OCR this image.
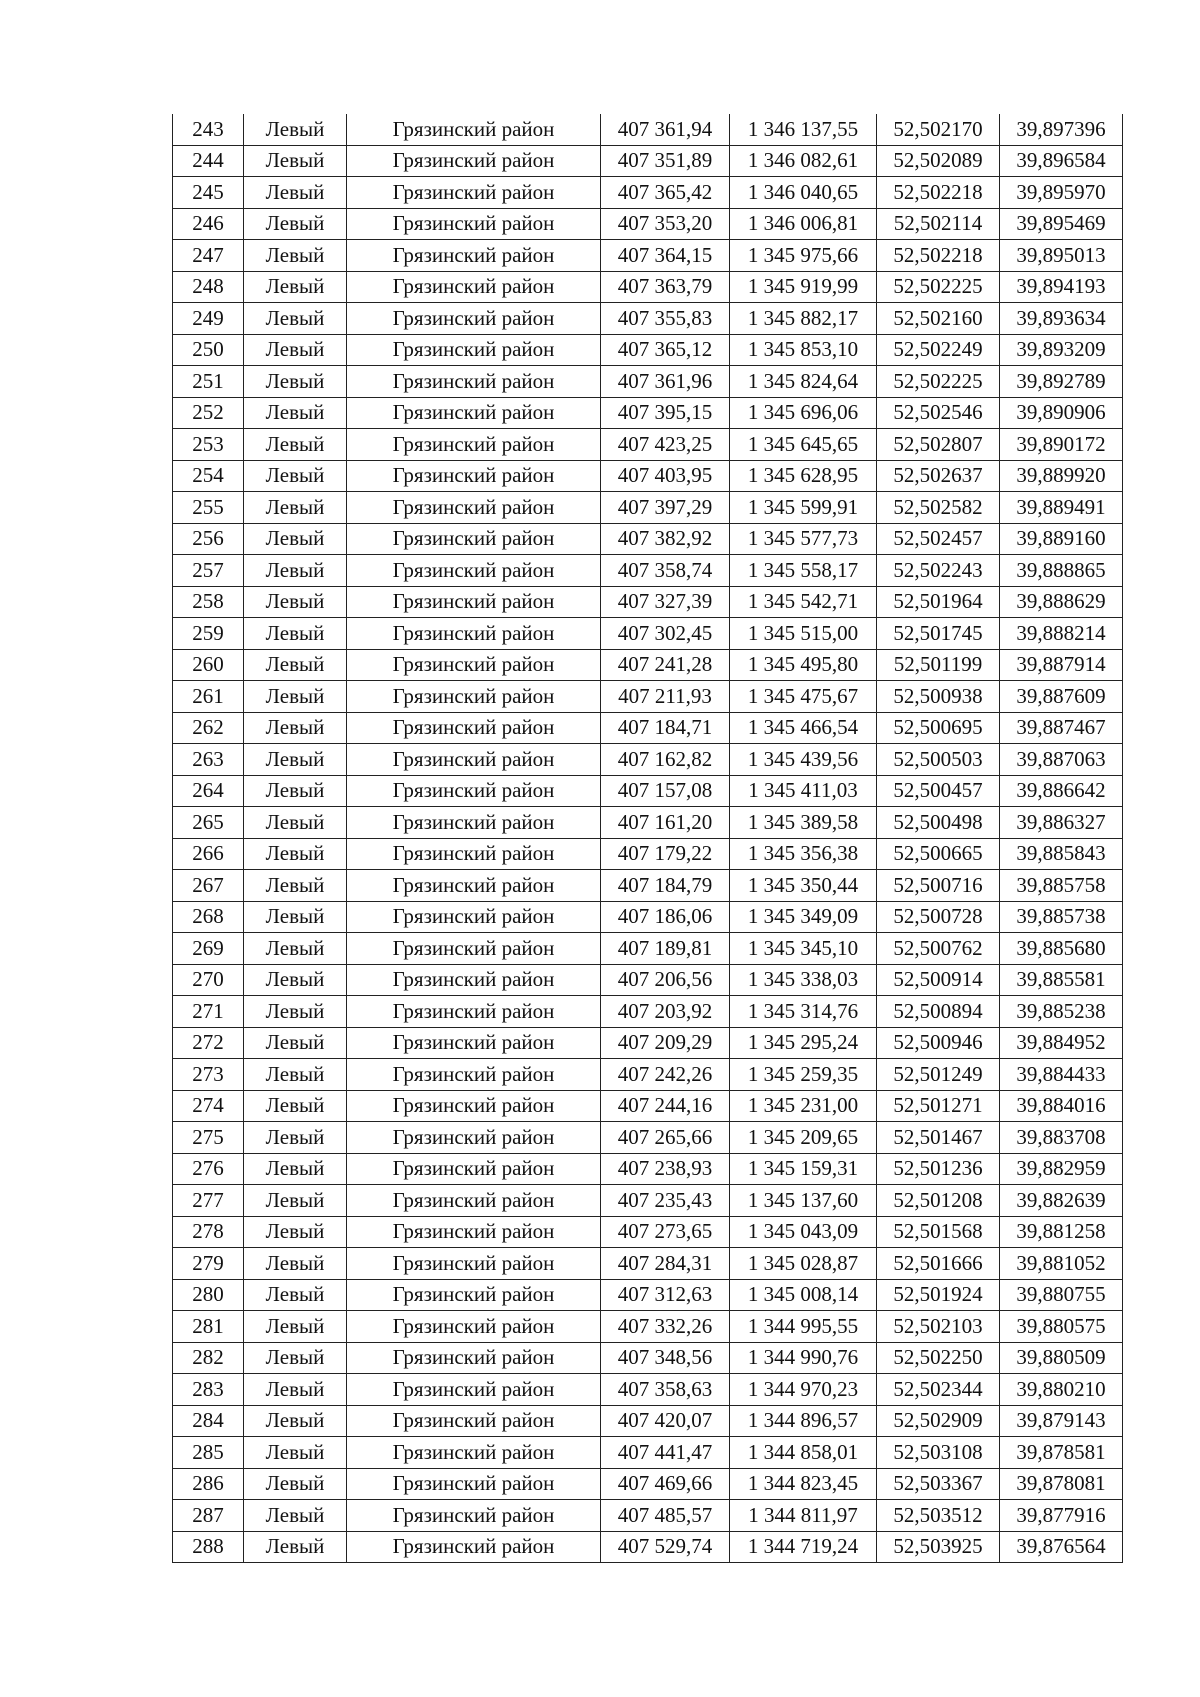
243	Левый	Грязинский район	407 361,94	1 346 137,55	52,502170	39,897396
244	Левый	Грязинский район	407 351,89	1 346 082,61	52,502089	39,896584
245	Левый	Грязинский район	407 365,42	1 346 040,65	52,502218	39,895970
246	Левый	Грязинский район	407 353,20	1 346 006,81	52,502114	39,895469
247	Левый	Грязинский район	407 364,15	1 345 975,66	52,502218	39,895013
248	Левый	Грязинский район	407 363,79	1 345 919,99	52,502225	39,894193
249	Левый	Грязинский район	407 355,83	1 345 882,17	52,502160	39,893634
250	Левый	Грязинский район	407 365,12	1 345 853,10	52,502249	39,893209
251	Левый	Грязинский район	407 361,96	1 345 824,64	52,502225	39,892789
252	Левый	Грязинский район	407 395,15	1 345 696,06	52,502546	39,890906
253	Левый	Грязинский район	407 423,25	1 345 645,65	52,502807	39,890172
254	Левый	Грязинский район	407 403,95	1 345 628,95	52,502637	39,889920
255	Левый	Грязинский район	407 397,29	1 345 599,91	52,502582	39,889491
256	Левый	Грязинский район	407 382,92	1 345 577,73	52,502457	39,889160
257	Левый	Грязинский район	407 358,74	1 345 558,17	52,502243	39,888865
258	Левый	Грязинский район	407 327,39	1 345 542,71	52,501964	39,888629
259	Левый	Грязинский район	407 302,45	1 345 515,00	52,501745	39,888214
260	Левый	Грязинский район	407 241,28	1 345 495,80	52,501199	39,887914
261	Левый	Грязинский район	407 211,93	1 345 475,67	52,500938	39,887609
262	Левый	Грязинский район	407 184,71	1 345 466,54	52,500695	39,887467
263	Левый	Грязинский район	407 162,82	1 345 439,56	52,500503	39,887063
264	Левый	Грязинский район	407 157,08	1 345 411,03	52,500457	39,886642
265	Левый	Грязинский район	407 161,20	1 345 389,58	52,500498	39,886327
266	Левый	Грязинский район	407 179,22	1 345 356,38	52,500665	39,885843
267	Левый	Грязинский район	407 184,79	1 345 350,44	52,500716	39,885758
268	Левый	Грязинский район	407 186,06	1 345 349,09	52,500728	39,885738
269	Левый	Грязинский район	407 189,81	1 345 345,10	52,500762	39,885680
270	Левый	Грязинский район	407 206,56	1 345 338,03	52,500914	39,885581
271	Левый	Грязинский район	407 203,92	1 345 314,76	52,500894	39,885238
272	Левый	Грязинский район	407 209,29	1 345 295,24	52,500946	39,884952
273	Левый	Грязинский район	407 242,26	1 345 259,35	52,501249	39,884433
274	Левый	Грязинский район	407 244,16	1 345 231,00	52,501271	39,884016
275	Левый	Грязинский район	407 265,66	1 345 209,65	52,501467	39,883708
276	Левый	Грязинский район	407 238,93	1 345 159,31	52,501236	39,882959
277	Левый	Грязинский район	407 235,43	1 345 137,60	52,501208	39,882639
278	Левый	Грязинский район	407 273,65	1 345 043,09	52,501568	39,881258
279	Левый	Грязинский район	407 284,31	1 345 028,87	52,501666	39,881052
280	Левый	Грязинский район	407 312,63	1 345 008,14	52,501924	39,880755
281	Левый	Грязинский район	407 332,26	1 344 995,55	52,502103	39,880575
282	Левый	Грязинский район	407 348,56	1 344 990,76	52,502250	39,880509
283	Левый	Грязинский район	407 358,63	1 344 970,23	52,502344	39,880210
284	Левый	Грязинский район	407 420,07	1 344 896,57	52,502909	39,879143
285	Левый	Грязинский район	407 441,47	1 344 858,01	52,503108	39,878581
286	Левый	Грязинский район	407 469,66	1 344 823,45	52,503367	39,878081
287	Левый	Грязинский район	407 485,57	1 344 811,97	52,503512	39,877916
288	Левый	Грязинский район	407 529,74	1 344 719,24	52,503925	39,876564
